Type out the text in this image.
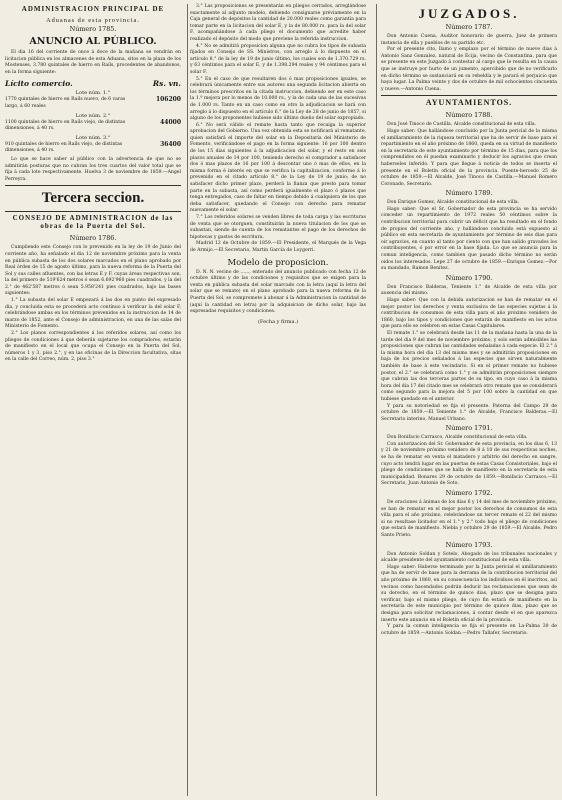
ADMINISTRACION PRINCIPAL DE
Aduanas de esta provincia.
Número 1785.
ANUNCIO AL PÚBLICO.

El dia 16 del corriente de once á doce de la mañana se vendrán en licitacion pública en los almacenes de esta Aduana, sitos en la plaza de los Mostenses, 3.780 quintales de hierro en Raíls, procedentes de abandonos, en la forma siguiente:

Lícito comercio.	Rs. vn.
Lote núm. 1.°
1770 quintales de hierro en Raíls nuevo, de 6 varas largo, á 60 reales
106200
Lote núm. 2.°
1100 quintales de hierro en Raíls viejo, de distintas dimensiones, á 40 rs.
44000
Lote núm. 3.°
910 quintales de hierro en Raíls viejo, de distintas dimensiones, á 40 rs.
36400

Lo que se hace saber al público con la advertencia de que no se admitirán posturas que no cubran los tres cuartos del valor total que se fija á cada lote respectivamente. Huelva 3 de noviembre de 1859.—Angel Perreyra.

Tercera seccion.
CONSEJO DE ADMINISTRACION de las obras de la Puerta del Sol.
Número 1786.

Cumpliendo este Consejo con lo prevenido en la ley de 19 de Junio del corriente año, ha señalado el dia 12 de noviembre próximo para la venta en pública subasta de los dos solares marcados en el plano aprobado por Real órden de 15 de agosto último, para la nueva reforma de la Puerta del Sol y sus calles afluentes, con las letras E y F, cuyas áreas respectivas son, la del primero de 519'624 metros ó sean 6.692'960 pies cuadrados, y la del 2.° de 462'587 metros ó sean 5.958'241 pies cuadrados, bajo las bases siguientes:

1.° La subasta del solar E empezará á las dos en punto del expresado dia, y concluida esta se procederá acto contínuo á verificar la del solar F, celebrándose ambas en los términos prevenidos en la instruccion de 14 de marzo de 1852, ante el Consejo de administracion, en una de las salas del Ministerio de Fomento.

2.° Los planos correspondientes á los referidos solares, así como los pliegos de condiciones á que deberán sujetarse los compradores, estarán de manifiesto en el local que ocupa el Consejo en la Puerta del Sol, números 1 y 3, piso 2.°, y en las oficinas de la Direccion facultativa, sitas en la calle del Correo, núm. 2, piso 3.°

3.° Las proposiciones se presentarán en pliegos cerrados, arreglándose exactamente al adjunto modelo, debiendo consignarse préviamente en la Caja general de depósitos la cantidad de 20.000 reales como garantía para tomar parte en la licitacion del solar E, y la de 80.000 rs. para la del solar F, acompañándose á cada pliego el documento que acredite haber realizado el depósito del modo que previene la referida instruccion.

4.° No se admitirá proposicion alguna que no cubra los tipos de subasta fijados en Consejo de SS. Ministros, con arreglo á lo dispuesto en el artículo 8.° de la ley de 19 de junio último, los cuales son de 1.370.729 rs. y 63 céntimos para el solar E, y de 1.398.294 reales y 94 céntimos para el solar F.

5.° En el caso de que resultaren dos ó mas proposiciones iguales, se celebrará únicamente entre sus autores una segunda licitacion abierta en los términos prescritos en la citada instruccion, debiendo ser en este caso la 1.ª mejora por lo menos de 10.000 rs., y la de cada una de las sucesivas de 1.000 rs. Tanto en un caso como en otro la adjudicacion se hará con arreglo á lo dispuesto en el artículo 6.° de la Ley de 28 de junio de 1857, si alguno de los proponentes hubiese sido último dueño del solar expropiado.

6.° No será válido el remate hasta tanto que recaiga la superior aprobacion del Gobierno. Una vez obtenida esta se notificará al rematante, quien satisfará el importe del solar en la Depositaría del Ministerio de Fomento, verificándose el pago en la forma siguiente: 16 por 100 dentro de los 15 dias siguientes á la adjudicacion del solar, y el resto en seis plazos anuales de 14 por 100, teniendo derecho el comprador a satisfacer dos ó mas plazos de 16 por 100 á descontar uno ó mas de ellos, en la misma forma é interés en que se verifica la capitalizacion, conforme á lo prevenido en el citado artículo 8.° de la Ley de 19 de junio; de no satisfacer dicho primer plazo, perderá la fianza que presto para tomar parte en la subasta, así como perderá igualmente el plazo ó plazos que tenga entregados, caso de faltar en tiempo debido á cualquiera de los que deba satisfacer, quedando el Consejo con derecho para rematar nuevamente el solar.

7.° Los referidos solares se venden libres de toda carga y las escrituras de venta que se otorguen, constituirán la nueva titulacion de los que se subastan, siendo de cuenta de los rematantes el pago de los derechos de hipotecas y gastos de escritura.

Madrid 12 de Octubre de 1859.—El Presidente, el Marqués de la Vega de Armijo.—El Secretario, Martin García de Loygorri.

Modelo de proposicion.

D. N. N. vecino de ......, enterado del anuncio publicado con fecha 12 de octubre último y de las condiciones y requisitos que se exigen para la venta en pública subasta del solar marcado con la letra (aquí la letra del solar que se remate) en el plano aprobado para la nueva reforma de la Puerta del Sol, se compromete á abonar á la Administracion la cantidad de (aquí la cantidad en letra) por la adquisicion de dicho solar, bajo las expresadas requisitos y condiciones.

(Fecha y firma.)
JUZGADOS.
Número 1787.

Don Antonio Cuena, Auditor honorario de guerra, Juez de primera instancia de ella y pueblos de su partido etc.

Por el presente cito, llamo y emplazo por el término de nueve dias á Antonio Sanz Gonzalez, natural de Écija, vecino de Constantina, para que se presente en este Juzgado á contestar al cargo que le resulta en la causa que se instruye por hurto de un jumento, apercibido que de no verificarlo en dicho término se sustanciará en su rebeldía y le parará el perjuicio que haya lugar. La Palma veinte y dos de octubre de mil ochocientos cincuenta y nueve.—Antonio Cuena.

AYUNTAMIENTOS.
Número 1788.

Don José Tinoco de Castilla, Alcalde constitucional de esta villa.

Hago saber: Que hallándose concluido por la Junta pericial de la misma el amillaramiento de la riqueza territorial que ha de servir de base para el repartimiento en el año próximo de 1860, queda en su virtud de manifiesto en la secretaría de este ayuntamiento por término de 15 dias, para que los comprendidos en él puedan examinarlo y deducir los agravios que crean haberseles inferido. Y para que llegue á noticia de todos se inserta el presente en el Boletín oficial de la provincia. Puente-hercedo 25 de octubre de 1859.—El Alcalde, José Tinoco de Castilla.—Manuel Romero Coronado, Secretario.

Número 1789.

Don Enrique Gomez, Alcalde constitucional de esta villa.

Hago saber: Que el Sr. Gobernador de esta provincia se ha servido conceder un repartimiento de 1972 reales 50 céntimos sobre la contribucion territorial para cubrir un déficit que ha resultado en el fondo de propios del corriente año, y hallándose concluido está expuesto al público en esta secretaría de ayuntamiento por término de seis dias para oir agravios, en cuanto al tanto por ciento con que han salido gravados los contribuyentes, ó por error en la base fijada. Lo que se anuncia para la comun inteligencia, como tambien que pasado dicho término no serán oidos los interesados. Lepe 27 de octubre de 1859.—Enrique Gomez.—Por su mandado, Ramon Benítez.

Número 1790.

Don Francisco Balderas, Teniente 1.° de Alcalde de esta villa por ausencia del mismo.

Hago saber: Que con la debida autorizacion se han de rematar en el mejor postor los derechos y venta exclusiva de las especies sujetas á la contribucion de consumos de esta villa para el año próximo venidero de 1860, bajo los tipos y condiciones que estarán de manifiesto en los actos que para ello se celebren en estas Casas Capitulares.

El remate 1.° se celebrará desde las 11 de la mañana hasta la una de la tarde del dia 9 del mes de noviembre próximo, y solo serán admisibles las proposiciones que cubran las cantidades señaladas á cada especie. El 2.° á la misma hora del dia 13 del mismo mes y se admitirán proposiciones en baja de los precios señalados á las especies que sirven naturalmente también de base á este vecindario. Si en el primer remate no hubiese postor, el 2.° se celebrará como 1.° y se admitirán proposiciones siempre que cubran las dos terceras partes de su tipo, en cuyo caso á la misma hora del dia 17 del citado mes se celebrará otro remate que se considerará como segundo para la mejora del 5 por 100 sobre la cantidad en que hubiese quedado en el anterior.

Y para su notoriedad se fija el presente. Paterna del Campo 29 de octubre de 1859.—El Teniente 1.° de Alcalde, Francisco Balderas.—El Secretario interino, Manuel Urbano.

Número 1791.

Don Bonifacio Carrasco, Alcalde constitucional de esta villa.

Con autorizacion del Sr. Gobernador de esta provincia, en los dias 6, 13 y 21 de noviembre próximo venidero de 8 á 10 de sus respectivas noches, se ha de rematar en venta el matadero y arbitrio del derecho en sangre, cuyo acto tendrá lugar en las puertas de estas Casas Consistoriales, bajo el pliego de condiciones que se halla de manifiesto en la secretaría de esta municipalidad. Bonares 29 de octubre de 1859.—Bonifacio Carrasco.—El Secretario, Juan Antonio de Soto.

Número 1792.

De oraciones á ánimas de los dias 6 y 14 del mes de noviembre próximo, se han de rematar en el mejor postor los derechos de consumos de esta villa para el año próximo, celebrándose un tercer remate el 22 del mismo si no resultase licitador en el 1.° y 2.° todo bajo el pliego de condiciones que estará de manifiesto. Niebla y octubre 29 de 1859.—El Alcalde, Pedro Santo Prieto.

Número 1793.

Don Antonio Soldan y Sotelo, Abogado de los tribunales nacionales y alcalde presidente del ayuntamiento constitucional de esta villa.

Hago saber: Haberse terminado por la Junta pericial el amillaramiento que ha de servir de base para la derrama de la contribucion territorial del año próximo de 1860, en su consecuencia los individuos en él inscritos, así vecinos como hacendados podrán deducir las reclamaciones que sean de su derecho, en el término de quince dias, plazo que se designa para verificar, bajo el mismo pliego, de cuyo fin estará de manifiesto en la secretaría de este municipio por término de quince dias, plazo que se designa para solicitar reclamaciones, á contar desde el en que aparezca inserto este anuncio en el Boletín oficial de la provincia.

Y para la comun inteligencia se fija el presente en La-Palma 30 de octubre de 1859.—Antonio Soldan.—Pedro Tallafer, Secretario.
